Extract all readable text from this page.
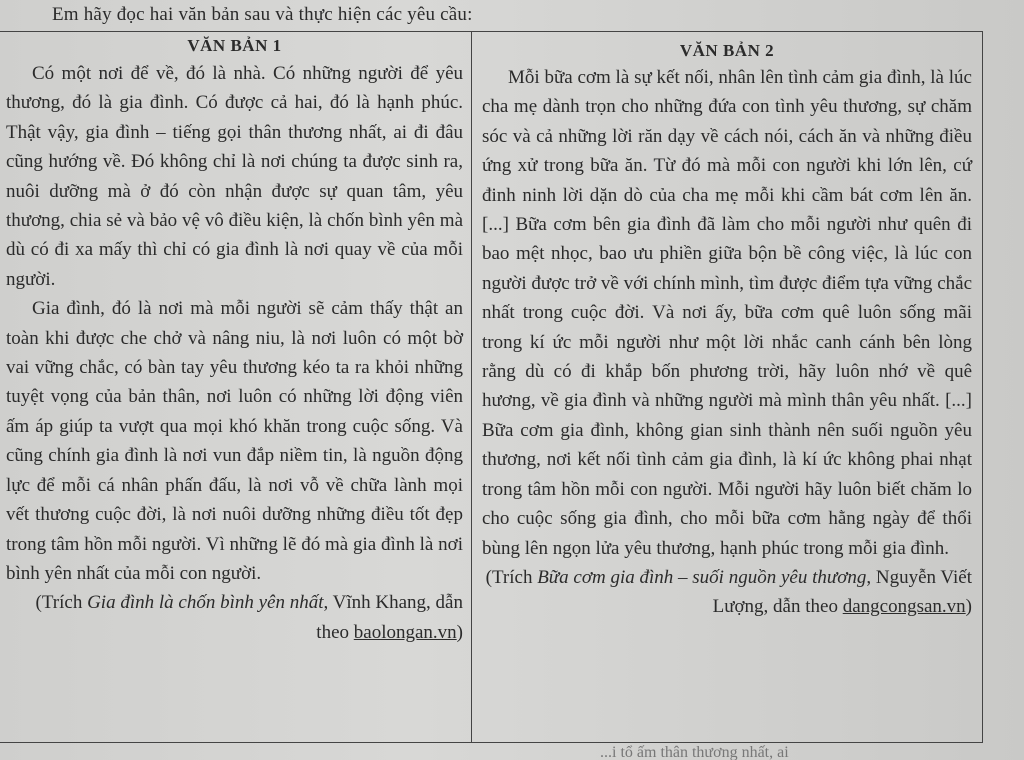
Em hãy đọc hai văn bản sau và thực hiện các yêu cầu:
VĂN BẢN 1

Có một nơi để về, đó là nhà. Có những người để yêu thương, đó là gia đình. Có được cả hai, đó là hạnh phúc. Thật vậy, gia đình – tiếng gọi thân thương nhất, ai đi đâu cũng hướng về. Đó không chỉ là nơi chúng ta được sinh ra, nuôi dưỡng mà ở đó còn nhận được sự quan tâm, yêu thương, chia sẻ và bảo vệ vô điều kiện, là chốn bình yên mà dù có đi xa mấy thì chỉ có gia đình là nơi quay về của mỗi người.

Gia đình, đó là nơi mà mỗi người sẽ cảm thấy thật an toàn khi được che chở và nâng niu, là nơi luôn có một bờ vai vững chắc, có bàn tay yêu thương kéo ta ra khỏi những tuyệt vọng của bản thân, nơi luôn có những lời động viên ấm áp giúp ta vượt qua mọi khó khăn trong cuộc sống. Và cũng chính gia đình là nơi vun đắp niềm tin, là nguồn động lực để mỗi cá nhân phấn đấu, là nơi vỗ về chữa lành mọi vết thương cuộc đời, là nơi nuôi dưỡng những điều tốt đẹp trong tâm hồn mỗi người. Vì những lẽ đó mà gia đình là nơi bình yên nhất của mỗi con người.

(Trích Gia đình là chốn bình yên nhất, Vĩnh Khang, dẫn theo baolongan.vn)

VĂN BẢN 2

Mỗi bữa cơm là sự kết nối, nhân lên tình cảm gia đình, là lúc cha mẹ dành trọn cho những đứa con tình yêu thương, sự chăm sóc và cả những lời răn dạy về cách nói, cách ăn và những điều ứng xử trong bữa ăn. Từ đó mà mỗi con người khi lớn lên, cứ đinh ninh lời dặn dò của cha mẹ mỗi khi cầm bát cơm lên ăn.[...] Bữa cơm bên gia đình đã làm cho mỗi người như quên đi bao mệt nhọc, bao ưu phiền giữa bộn bề công việc, là lúc con người được trở về với chính mình, tìm được điểm tựa vững chắc nhất trong cuộc đời. Và nơi ấy, bữa cơm quê luôn sống mãi trong kí ức mỗi người như một lời nhắc canh cánh bên lòng rằng dù có đi khắp bốn phương trời, hãy luôn nhớ về quê hương, về gia đình và những người mà mình thân yêu nhất. [...] Bữa cơm gia đình, không gian sinh thành nên suối nguồn yêu thương, nơi kết nối tình cảm gia đình, là kí ức không phai nhạt trong tâm hồn mỗi con người. Mỗi người hãy luôn biết chăm lo cho cuộc sống gia đình, cho mỗi bữa cơm hằng ngày để thổi bùng lên ngọn lửa yêu thương, hạnh phúc trong mỗi gia đình.

(Trích Bữa cơm gia đình – suối nguồn yêu thương, Nguyễn Viết Lượng, dẫn theo dangcongsan.vn)

...i tổ ấm thân thương nhất, ai
